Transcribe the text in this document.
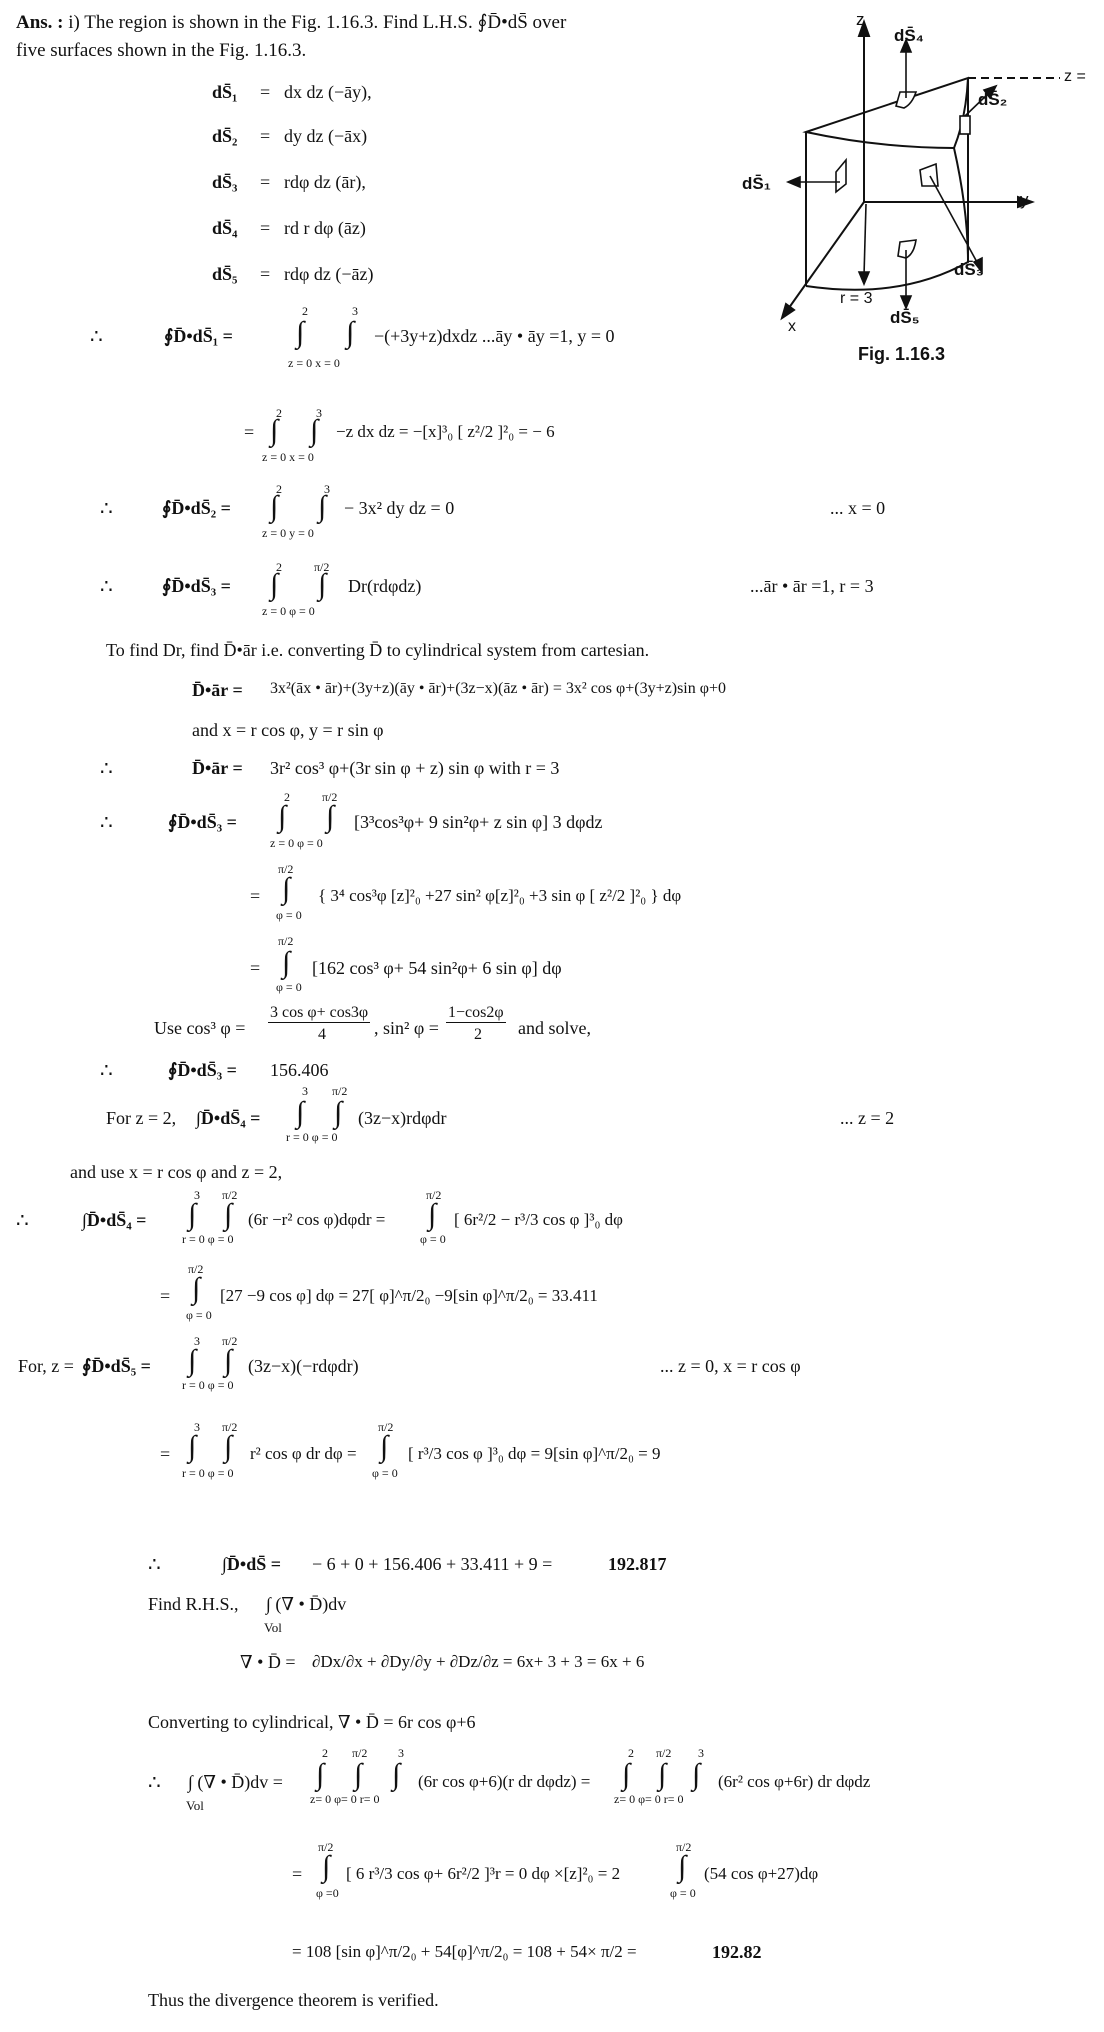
Ans. : i) The region is shown in the Fig. 1.16.3. Find L.H.S. ∮D̄•dS̄ over
five surfaces shown in the Fig. 1.16.3.
dS̄₁ = dx dz (−āy),
dS̄₂ = dy dz (−āx)
dS̄₃ = rdφ dz (ār),
dS̄₄ = rd r dφ (āz)
dS̄₅ = rdφ dz (−āz)
z
dS̄₄
z =
dS̄₂
dS̄₁
y
dS̄₃
r = 3
dS̄₅
x
Fig. 1.16.3
∴	∮D̄•dS̄₁ =
2	3
∫ ∫
z = 0 x = 0
−(+3y+z)dxdz ...āy • āy =1, y = 0
=
2	3
∫ ∫
z = 0 x = 0
−z dx dz = −[x]³₀ [ z²/2 ]²₀ = − 6
∴	∮D̄•dS̄₂ =
2	3
∫ ∫
z = 0 y = 0
− 3x² dy dz = 0	... x = 0
∴	∮D̄•dS̄₃ =
2	π/2
∫ ∫
z = 0 φ = 0
Dr(rdφdz)	...ār • ār =1, r = 3
To find Dr, find D̄•ār i.e. converting D̄ to cylindrical system from cartesian.
D̄•ār = 3x²(āx • ār)+(3y+z)(āy • ār)+(3z−x)(āz • ār) = 3x² cos φ+(3y+z)sin φ+0
and x = r cos φ, y = r sin φ
∴	D̄•ār = 3r² cos³ φ+(3r sin φ + z) sin φ with r = 3
∴	∮D̄•dS̄₃ =
2	π/2
∫ ∫
z = 0 φ = 0
[3³cos³φ+ 9 sin²φ+ z sin φ] 3 dφdz
=
π/2
∫
φ = 0
{ 3⁴ cos³φ [z]²₀ +27 sin² φ[z]²₀ +3 sin φ [ z²/2 ]²₀ } dφ
=
π/2
∫
φ = 0
[162 cos³ φ+ 54 sin²φ+ 6 sin φ] dφ
Use cos³ φ =
3 cos φ+ cos3φ
4	, sin² φ =
1−cos2φ
2 and solve,
∴	∮D̄•dS̄₃ = 156.406
For z = 2, ∫D̄•dS̄₄ =
3 π/2
∫ ∫
r = 0 φ = 0
(3z−x)rdφdr	... z = 2
and use x = r cos φ and z = 2,
∴	∫D̄•dS̄₄ =
3 π/2
∫ ∫
r = 0 φ = 0
(6r −r² cos φ)dφdr =
π/2
∫
φ = 0
[ 6r²/2 − r³/3 cos φ ]³₀ dφ
=
π/2
∫
φ = 0
[27 −9 cos φ] dφ = 27[ φ]^π/2₀ −9[sin φ]^π/2₀ = 33.411
For, z = ∮D̄•dS̄₅ =
3 π/2
∫ ∫
r = 0 φ = 0
(3z−x)(−rdφdr)	... z = 0, x = r cos φ
=
3 π/2
∫ ∫
r = 0 φ = 0
r² cos φ dr dφ =
π/2
∫
φ = 0
[ r³/3 cos φ ]³₀ dφ = 9[sin φ]^π/2₀ = 9
∴	∫D̄•dS̄ = − 6 + 0 + 156.406 + 33.411 + 9 =	192.817
Find R.H.S., ∫ (∇ • D̄)dv
Vol
∇ • D̄ = ∂Dx/∂x + ∂Dy/∂y + ∂Dz/∂z = 6x+ 3 + 3 = 6x + 6
Converting to cylindrical, ∇ • D̄ = 6r cos φ+6
∴ ∫ (∇ • D̄)dv =
Vol
2 π/2	3
∫ ∫ ∫
z= 0 φ= 0 r= 0
(6r cos φ+6)(r dr dφdz) =
2 π/2 3
∫ ∫ ∫
z= 0 φ= 0 r= 0
(6r² cos φ+6r) dr dφdz
=
π/2
∫
φ =0
[ 6 r³/3 cos φ+ 6r²/2 ]³r = 0 dφ ×[z]²₀ = 2
π/2
∫
φ = 0
(54 cos φ+27)dφ
= 108 [sin φ]^π/2₀ + 54[φ]^π/2₀ = 108 + 54× π/2 =	192.82
Thus the divergence theorem is verified.
